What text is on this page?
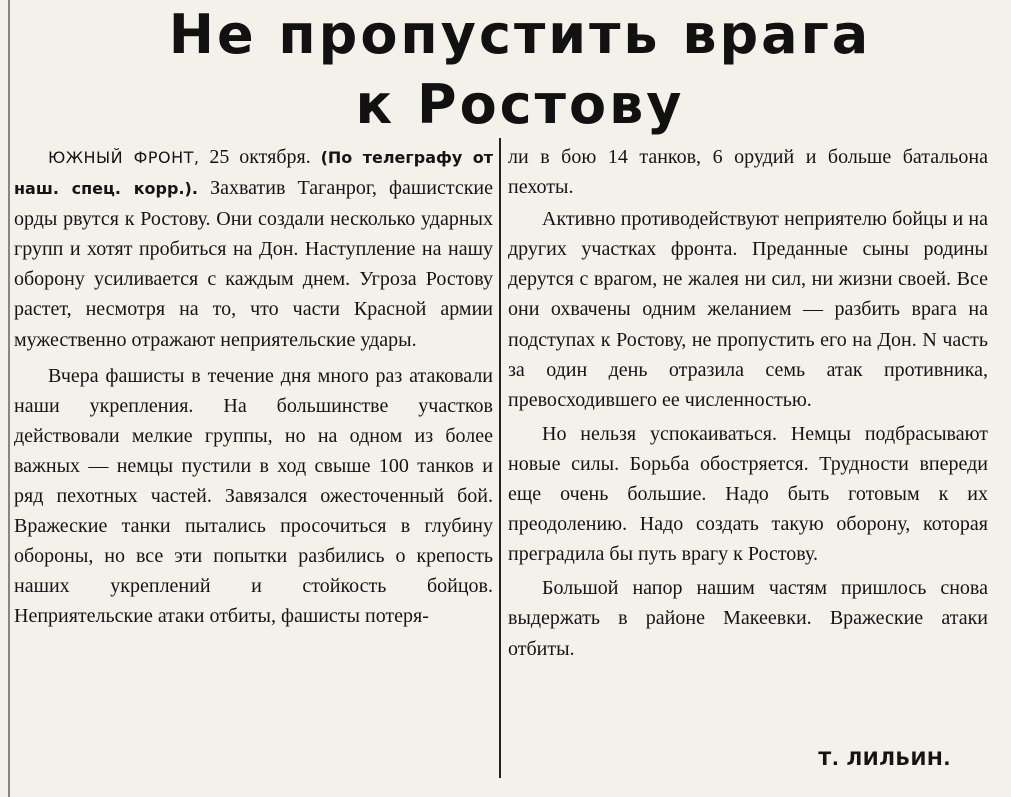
Не пропустить врага
к Ростову

ЮЖНЫЙ ФРОНТ, 25 октября. (По телеграфу от наш. спец. корр.). Захватив Таганрог, фашистские орды рвутся к Ростову. Они создали несколько ударных групп и хотят пробиться на Дон. Наступление на нашу оборону усиливается с каждым днем. Угроза Ростову растет, несмотря на то, что части Красной армии мужественно отражают неприятельские удары.

Вчера фашисты в течение дня много раз атаковали наши укрепления. На большинстве участков действовали мелкие группы, но на одном из более важных — немцы пустили в ход свыше 100 танков и ряд пехотных частей. Завязался ожесточенный бой. Вражеские танки пытались просочиться в глубину обороны, но все эти попытки разбились о крепость наших укреплений и стойкость бойцов. Неприятельские атаки отбиты, фашисты потеря-

ли в бою 14 танков, 6 орудий и больше батальона пехоты.

Активно противодействуют неприятелю бойцы и на других участках фронта. Преданные сыны родины дерутся с врагом, не жалея ни сил, ни жизни своей. Все они охвачены одним желанием — разбить врага на подступах к Ростову, не пропустить его на Дон. N часть за один день отразила семь атак противника, превосходившего ее численностью.

Но нельзя успокаиваться. Немцы подбрасывают новые силы. Борьба обостряется. Трудности впереди еще очень большие. Надо быть готовым к их преодолению. Надо создать такую оборону, которая преградила бы путь врагу к Ростову.

Большой напор нашим частям пришлось снова выдержать в районе Макеевки. Вражеские атаки отбиты.

Т. ЛИЛЬИН.
